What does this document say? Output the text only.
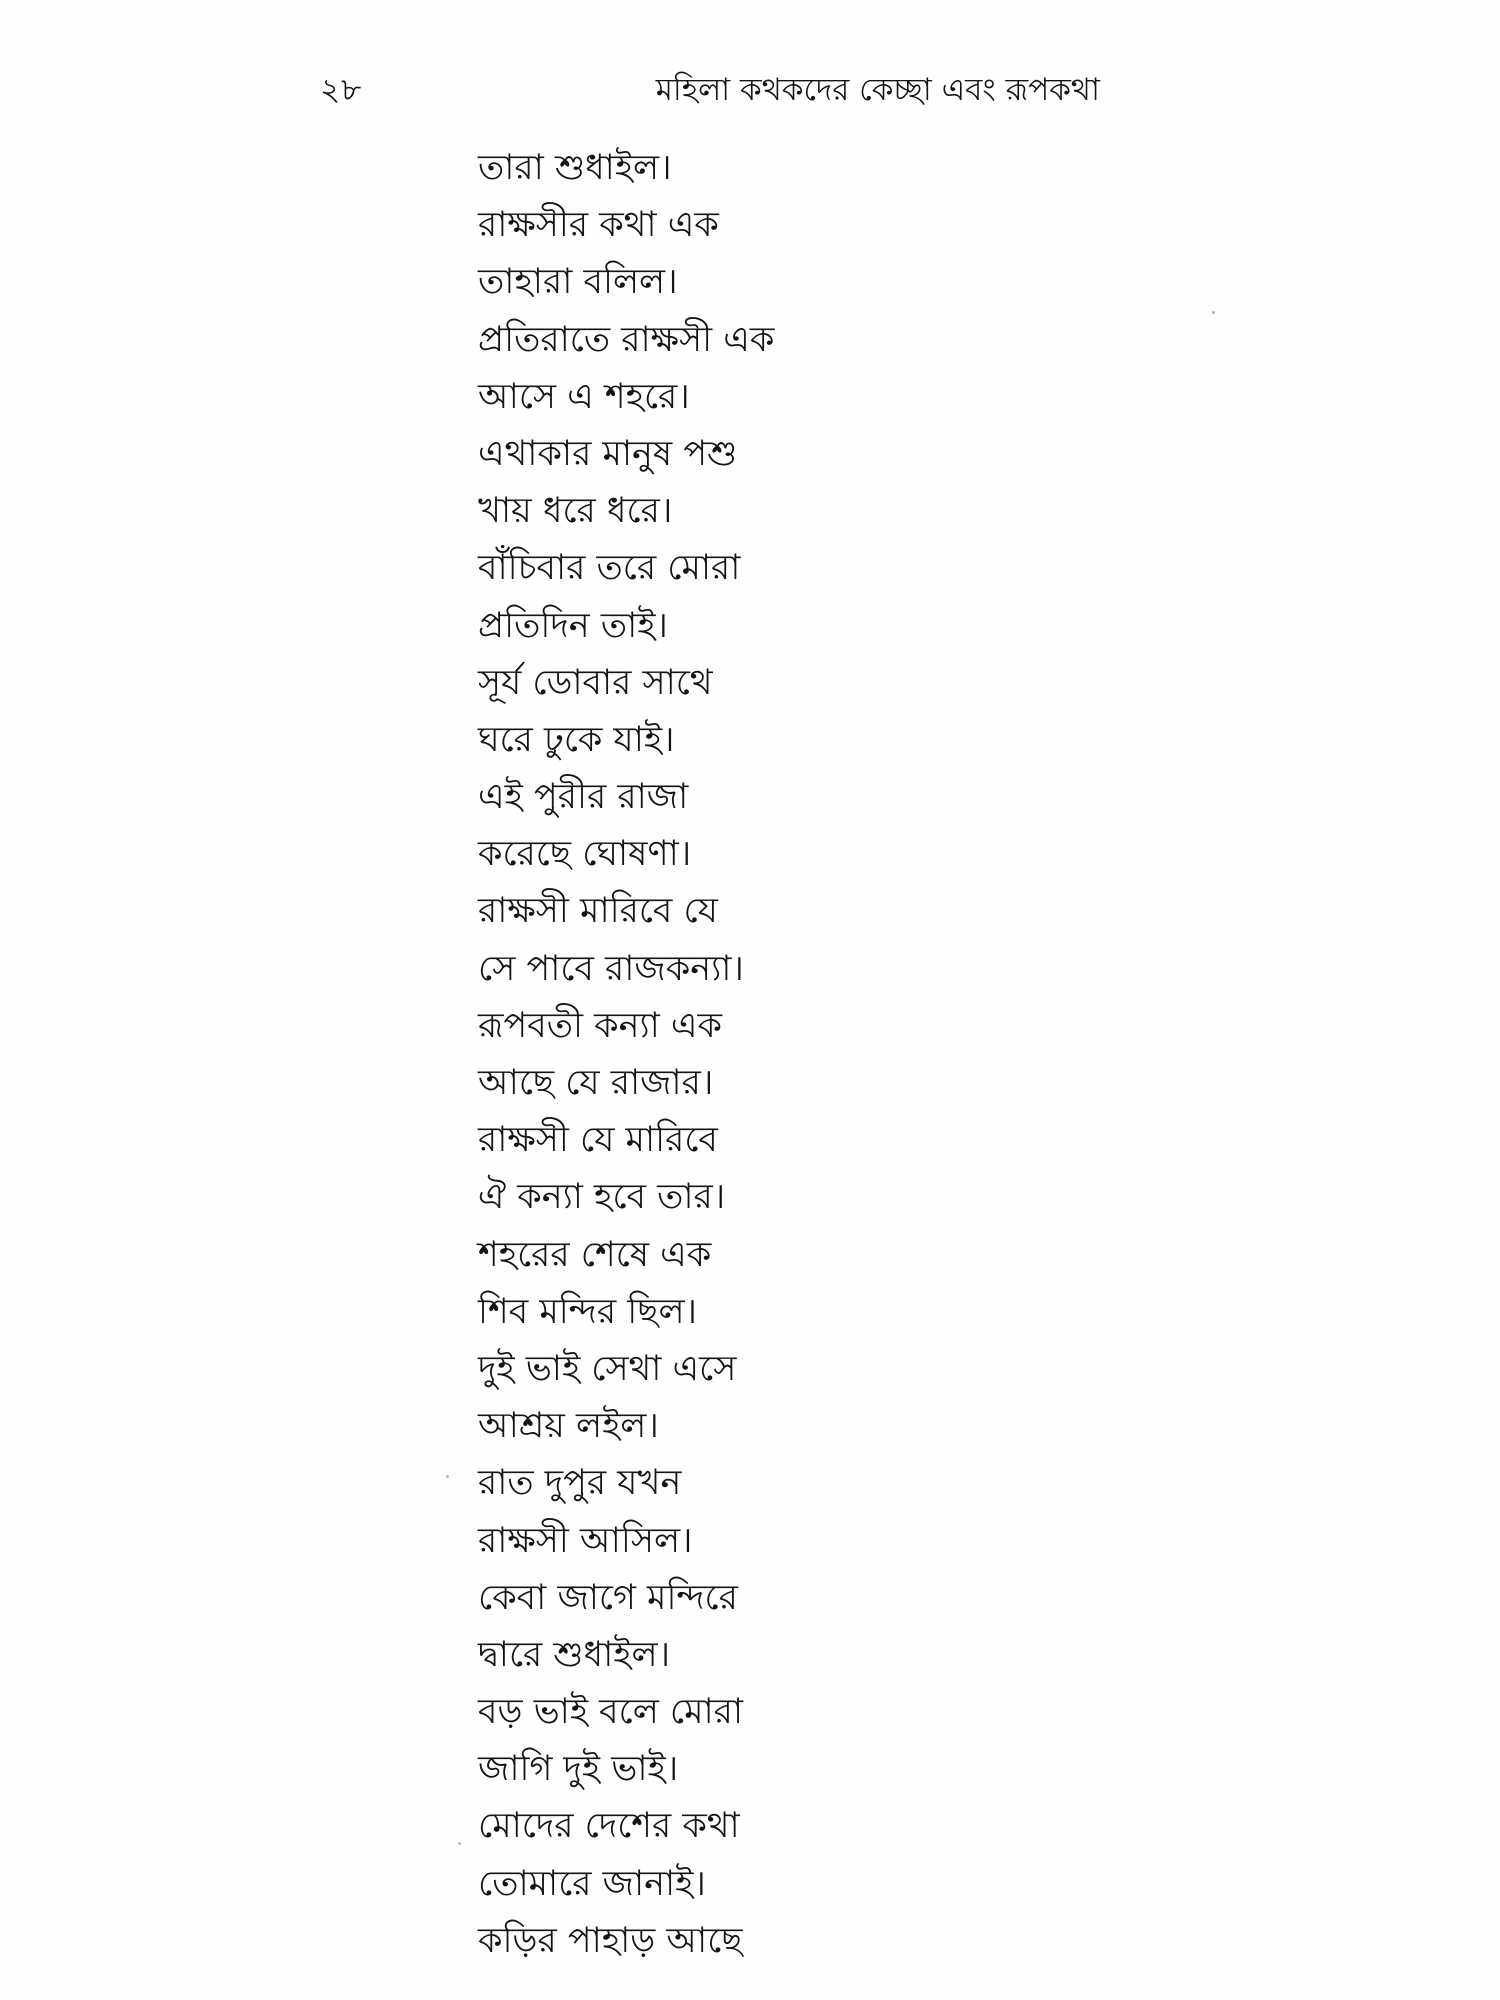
২৮	মহিলা কথকদের কেচ্ছা এবং রূপকথা
তারা শুধাইল।
রাক্ষসীর কথা এক
তাহারা বলিল।
প্রতিরাতে রাক্ষসী এক
আসে এ শহরে।
এথাকার মানুষ পশু
খায় ধরে ধরে।
বাঁচিবার তরে মোরা
প্রতিদিন তাই।
সূর্য ডোবার সাথে
ঘরে ঢুকে যাই।
এই পুরীর রাজা
করেছে ঘোষণা।
রাক্ষসী মারিবে যে
সে পাবে রাজকন্যা।
রূপবতী কন্যা এক
আছে যে রাজার।
রাক্ষসী যে মারিবে
ঐ কন্যা হবে তার।
শহরের শেষে এক
শিব মন্দির ছিল।
দুই ভাই সেথা এসে
আশ্রয় লইল।
রাত দুপুর যখন
রাক্ষসী আসিল।
কেবা জাগে মন্দিরে
দ্বারে শুধাইল।
বড় ভাই বলে মোরা
জাগি দুই ভাই।
মোদের দেশের কথা
তোমারে জানাই।
কড়ির পাহাড় আছে
